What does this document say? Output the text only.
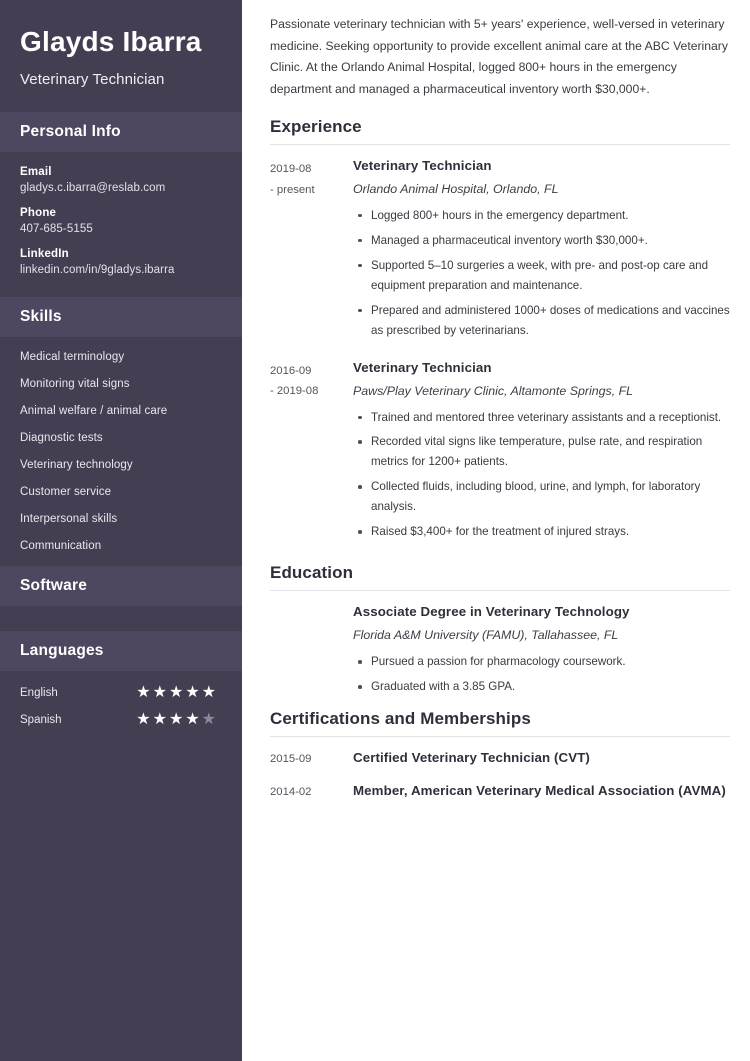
Glayds Ibarra
Veterinary Technician
Personal Info
Email
gladys.c.ibarra@reslab.com
Phone
407-685-5155
LinkedIn
linkedin.com/in/9gladys.ibarra
Skills
Medical terminology
Monitoring vital signs
Animal welfare / animal care
Diagnostic tests
Veterinary technology
Customer service
Interpersonal skills
Communication
Software
Languages
English	★ ★ ★ ★ ★
Spanish	★ ★ ★ ★ ★

Passionate veterinary technician with 5+ years' experience, well-versed in veterinary medicine. Seeking opportunity to provide excellent animal care at the ABC Veterinary Clinic. At the Orlando Animal Hospital, logged 800+ hours in the emergency department and managed a pharmaceutical inventory worth $30,000+.

Experience
2019-08
- present
Veterinary Technician
Orlando Animal Hospital, Orlando, FL
Logged 800+ hours in the emergency department.
Managed a pharmaceutical inventory worth $30,000+.
Supported 5–10 surgeries a week, with pre- and post-op care and equipment preparation and maintenance.
Prepared and administered 1000+ doses of medications and vaccines as prescribed by veterinarians.
2016-09
- 2019-08
Veterinary Technician
Paws/Play Veterinary Clinic, Altamonte Springs, FL
Trained and mentored three veterinary assistants and a receptionist.
Recorded vital signs like temperature, pulse rate, and respiration metrics for 1200+ patients.
Collected fluids, including blood, urine, and lymph, for laboratory analysis.
Raised $3,400+ for the treatment of injured strays.
Education
Associate Degree in Veterinary Technology
Florida A&M University (FAMU), Tallahassee, FL
Pursued a passion for pharmacology coursework.
Graduated with a 3.85 GPA.
Certifications and Memberships
2015-09	Certified Veterinary Technician (CVT)
2014-02	Member, American Veterinary Medical Association (AVMA)
